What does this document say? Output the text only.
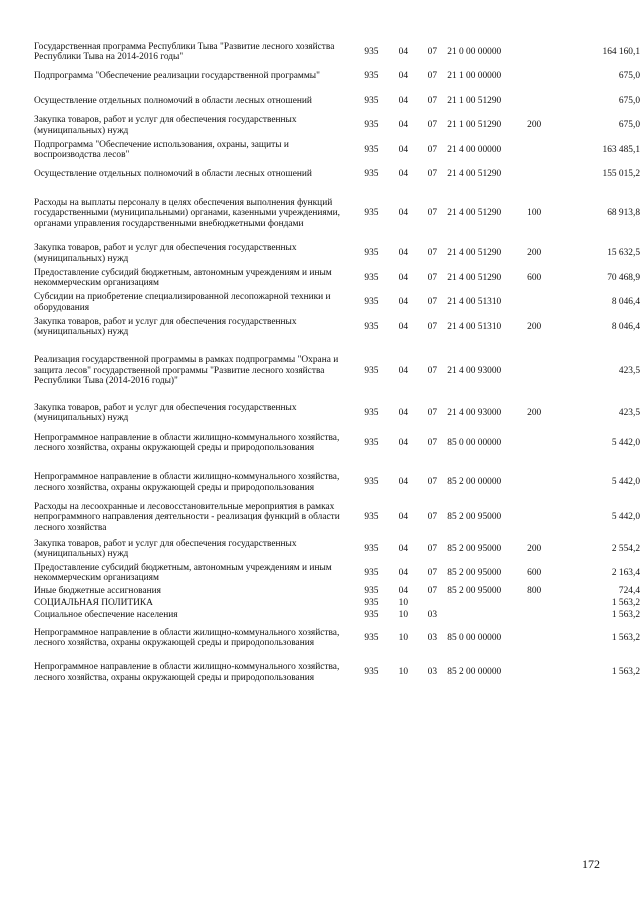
Государственная программа Республики Тыва "Развитие лесного хозяйства Республики Тыва на 2014-2016 годы"	935	04	07	21 0 00 00000		164 160,1
Подпрограмма "Обеспечение реализации государственной программы"	935	04	07	21 1 00 00000		675,0
Осуществление отдельных полномочий в области лесных отношений	935	04	07	21 1 00 51290		675,0
Закупка товаров, работ и услуг для обеспечения государственных (муниципальных) нужд	935	04	07	21 1 00 51290	200	675,0
Подпрограмма "Обеспечение использования, охраны, защиты и воспроизводства лесов"	935	04	07	21 4 00 00000		163 485,1
Осуществление отдельных полномочий в области лесных отношений	935	04	07	21 4 00 51290		155 015,2
Расходы на выплаты персоналу в целях обеспечения выполнения функций государственными (муниципальными) органами, казенными учреждениями, органами управления государственными внебюджетными фондами	935	04	07	21 4 00 51290	100	68 913,8
Закупка товаров, работ и услуг для обеспечения государственных (муниципальных) нужд	935	04	07	21 4 00 51290	200	15 632,5
Предоставление субсидий бюджетным, автономным учреждениям и иным некоммерческим организациям	935	04	07	21 4 00 51290	600	70 468,9
Субсидии на приобретение специализированной лесопожарной техники и оборудования	935	04	07	21 4 00 51310		8 046,4
Закупка товаров, работ и услуг для обеспечения государственных (муниципальных) нужд	935	04	07	21 4 00 51310	200	8 046,4

Реализация государственной программы в рамках подпрограммы "Охрана и защита лесов" государственной программы "Развитие лесного хозяйства Республики Тыва (2014-2016 годы)"	935	04	07	21 4 00 93000		423,5

Закупка товаров, работ и услуг для обеспечения государственных (муниципальных) нужд	935	04	07	21 4 00 93000	200	423,5
Непрограммное направление в области жилищно-коммунального хозяйства, лесного хозяйства, охраны окружающей среды и природопользования	935	04	07	85 0 00 00000		5 442,0

Непрограммное направление в области жилищно-коммунального хозяйства, лесного хозяйства, охраны окружающей среды и природопользования	935	04	07	85 2 00 00000		5 442,0
Расходы на лесоохранные и лесовосстановительные мероприятия в рамках непрограммного направления деятельности - реализация функций в области лесного хозяйства	935	04	07	85 2 00 95000		5 442,0

Закупка товаров, работ и услуг для обеспечения государственных (муниципальных) нужд	935	04	07	85 2 00 95000	200	2 554,2
Предоставление субсидий бюджетным, автономным учреждениям и иным некоммерческим организациям	935	04	07	85 2 00 95000	600	2 163,4
Иные бюджетные ассигнования	935	04	07	85 2 00 95000	800	724,4
СОЦИАЛЬНАЯ ПОЛИТИКА	935	10				1 563,2
Социальное обеспечение населения	935	10	03			1 563,2
Непрограммное направление в области жилищно-коммунального хозяйства, лесного хозяйства, охраны окружающей среды и природопользования	935	10	03	85 0 00 00000		1 563,2
Непрограммное направление в области жилищно-коммунального хозяйства, лесного хозяйства, охраны окружающей среды и природопользования	935	10	03	85 2 00 00000		1 563,2
172
